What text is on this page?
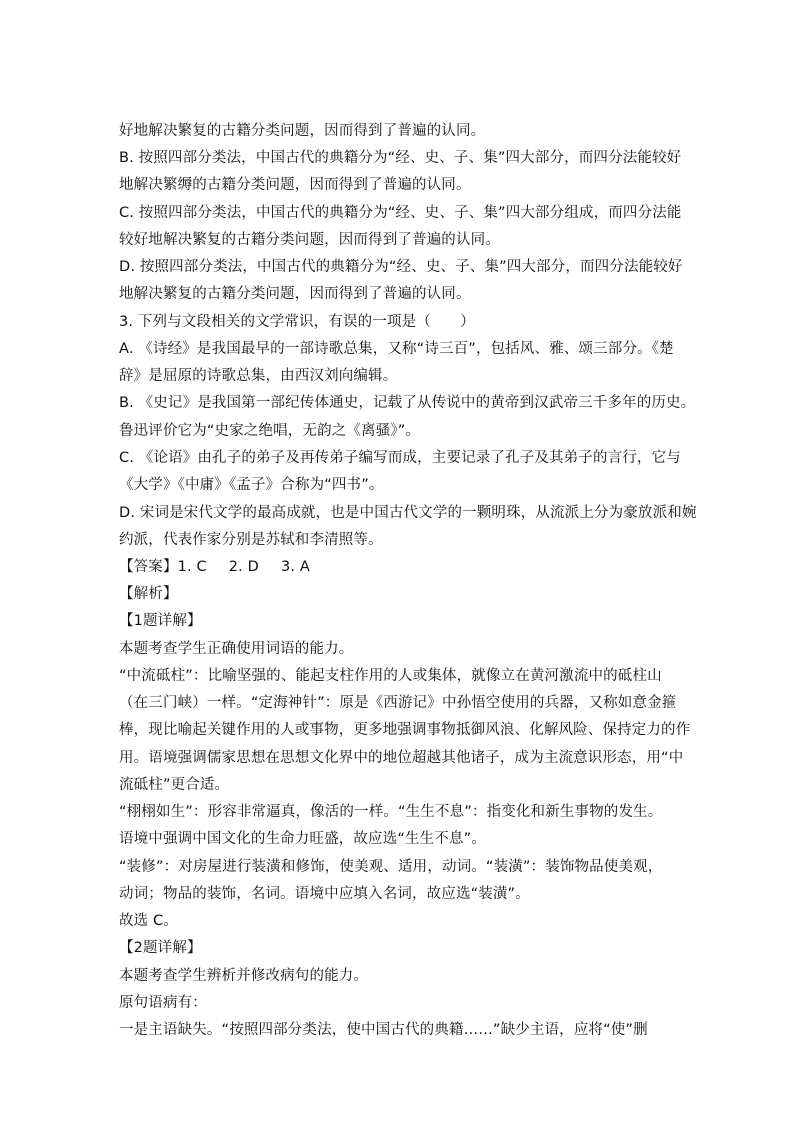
好地解决繁复的古籍分类问题，因而得到了普遍的认同。
B. 按照四部分类法，中国古代的典籍分为“经、史、子、集”四大部分，而四分法能较好
地解决繁缛的古籍分类问题，因而得到了普遍的认同。
C. 按照四部分类法，中国古代的典籍分为“经、史、子、集”四大部分组成，而四分法能
较好地解决繁复的古籍分类问题，因而得到了普遍的认同。
D. 按照四部分类法，中国古代的典籍分为“经、史、子、集”四大部分，而四分法能较好
地解决繁复的古籍分类问题，因而得到了普遍的认同。
3. 下列与文段相关的文学常识，有误的一项是（　　）
A. 《诗经》是我国最早的一部诗歌总集，又称“诗三百”，包括风、雅、颂三部分。《楚
辞》是屈原的诗歌总集，由西汉刘向编辑。
B. 《史记》是我国第一部纪传体通史，记载了从传说中的黄帝到汉武帝三千多年的历史。
鲁迅评价它为“史家之绝唱，无韵之《离骚》”。
C. 《论语》由孔子的弟子及再传弟子编写而成，主要记录了孔子及其弟子的言行，它与
《大学》《中庸》《孟子》合称为“四书”。
D. 宋词是宋代文学的最高成就，也是中国古代文学的一颗明珠，从流派上分为豪放派和婉
约派，代表作家分别是苏轼和李清照等。
【答案】1. C 2. D 3. A
【解析】
【1题详解】
本题考查学生正确使用词语的能力。
“中流砥柱”：比喻坚强的、能起支柱作用的人或集体，就像立在黄河激流中的砥柱山
（在三门峡）一样。“定海神针”：原是《西游记》中孙悟空使用的兵器，又称如意金箍
棒，现比喻起关键作用的人或事物，更多地强调事物抵御风浪、化解风险、保持定力的作
用。语境强调儒家思想在思想文化界中的地位超越其他诸子，成为主流意识形态，用“中
流砥柱”更合适。
“栩栩如生”：形容非常逼真，像活的一样。“生生不息”：指变化和新生事物的发生。
语境中强调中国文化的生命力旺盛，故应选“生生不息”。
“装修”：对房屋进行装潢和修饰，使美观、适用，动词。“装潢”：装饰物品使美观，
动词；物品的装饰，名词。语境中应填入名词，故应选“装潢”。
故选 C。
【2题详解】
本题考查学生辨析并修改病句的能力。
原句语病有：
一是主语缺失。“按照四部分类法，使中国古代的典籍……”缺少主语，应将“使”删
